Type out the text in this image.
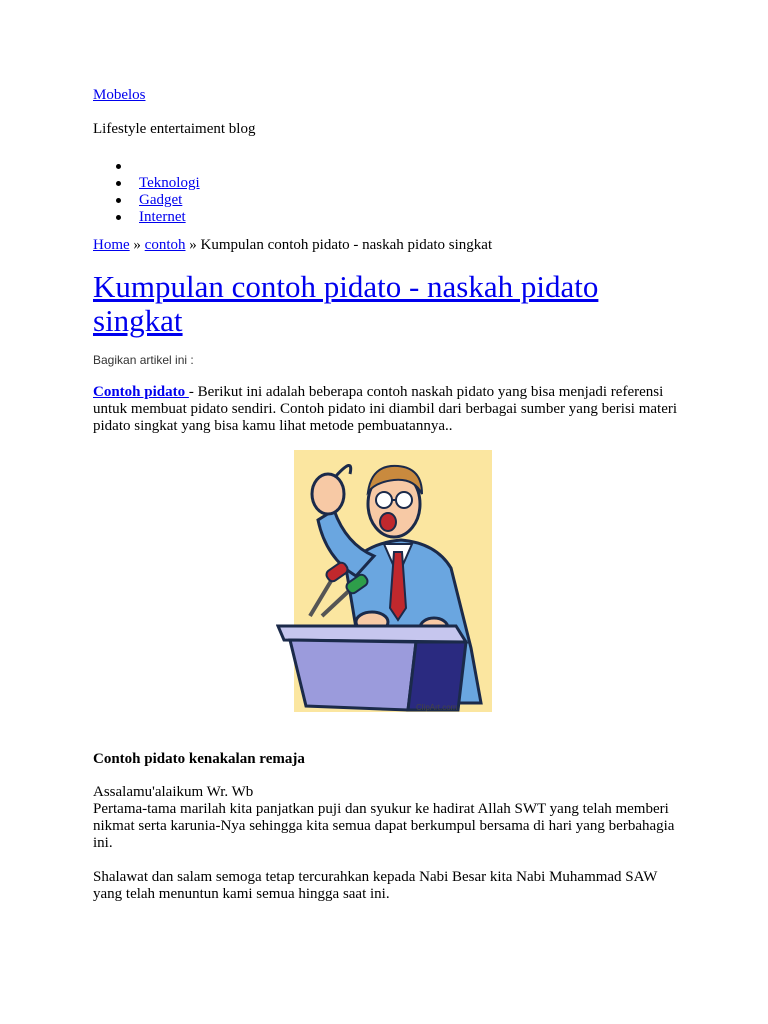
Mobelos
Lifestyle entertaiment blog
Teknologi
Gadget
Internet
Home » contoh » Kumpulan contoh pidato - naskah pidato singkat
Kumpulan contoh pidato - naskah pidato singkat
Bagikan artikel ini :
Contoh pidato - Berikut ini adalah beberapa contoh naskah pidato yang bisa menjadi referensi untuk membuat pidato sendiri. Contoh pidato ini diambil dari berbagai sumber yang berisi materi pidato singkat yang bisa kamu lihat metode pembuatannya..
ClipArt.com
Contoh pidato kenakalan remaja

Assalamu'alaikum Wr. Wb

Pertama-tama marilah kita panjatkan puji dan syukur ke hadirat Allah SWT yang telah memberi nikmat serta karunia-Nya sehingga kita semua dapat berkumpul bersama di hari yang berbahagia ini.

Shalawat dan salam semoga tetap tercurahkan kepada Nabi Besar kita Nabi Muhammad SAW yang telah menuntun kami semua hingga saat ini.
